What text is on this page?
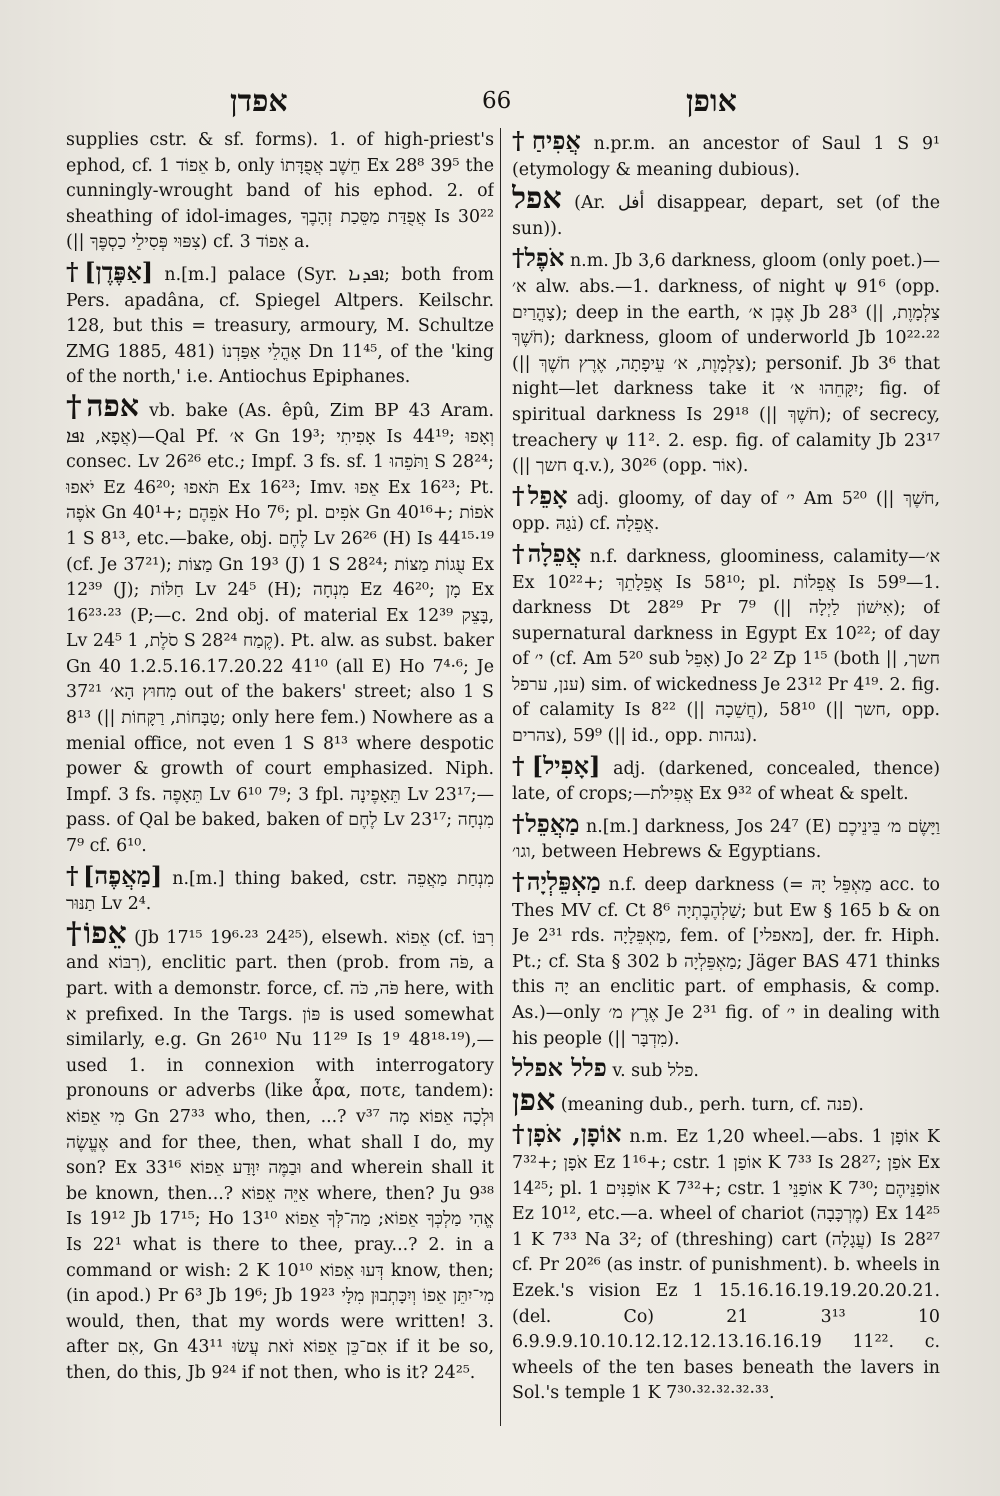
אפדן	66	אופן

supplies cstr. & sf. forms). 1. of high-priest's ephod, cf. אֵפוֹד 1 b, only חֵשֶׁב אֲפֻדָּתוֹ Ex 28⁸ 39⁵ the cunningly-wrought band of his ephod. 2. of sheathing of idol-images, אֲפֻדַּת מַסֵּכַת זְהָבֶךָ Is 30²² (|| צִפּוּי פְּסִילֵי כַסְפֶּךָ) cf. אֵפוֹד 3 a.

†[אַפֶּדֶן] n.[m.] palace (Syr. ܐܦܕܢܐ; both from Pers. apadâna, cf. Spiegel Altpers. Keilschr. 128, but this = treasury, armoury, M. Schultze ZMG 1885, 481) אָהֳלֵי אַפַּדְנוֹ Dn 11⁴⁵, of the 'king of the north,' i.e. Antiochus Epiphanes.

†אפה vb. bake (As. êpû, Zim BP 43 Aram. אֲפָא, ܐܦܐ)—Qal Pf. א׳ Gn 19³; אָפִיתִי Is 44¹⁹; וְאָפוּ consec. Lv 26²⁶ etc.; Impf. 3 fs. sf. וַתֹּפֵהוּ 1 S 28²⁴; יֹאפוּ Ez 46²⁰; תֹּאפוּ Ex 16²³; Imv. אֵפוּ Ex 16²³; Pt. אֹפֶה Gn 40¹+; אֹפֵהֶם Ho 7⁶; pl. אֹפִים Gn 40¹⁶+; אֹפוֹת 1 S 8¹³, etc.—bake, obj. לֶחֶם Lv 26²⁶ (H) Is 44¹⁵·¹⁹ (cf. Je 37²¹); מַצּוֹת Gn 19³ (J) 1 S 28²⁴; עֻגוֹת מַצּוֹת Ex 12³⁹ (J); חַלּוֹת Lv 24⁵ (H); מִנְחָה Ez 46²⁰; מָן Ex 16²³·²³ (P;—c. 2nd obj. of material Ex 12³⁹ בָּצֵק, Lv 24⁵ סֹלֶת, 1 S 28²⁴ קֶמַח). Pt. alw. as subst. baker Gn 40 1.2.5.16.17.20.22 41¹⁰ (all E) Ho 7⁴·⁶; Je 37²¹ מִחוּץ הָא׳ out of the bakers' street; also 1 S 8¹³ (|| טַבָּחוֹת, רַקָּחוֹת; only here fem.) Nowhere as a menial office, not even 1 S 8¹³ where despotic power & growth of court emphasized. Niph. Impf. 3 fs. תֵּאָפֶה Lv 6¹⁰ 7⁹; 3 fpl. תֵּאָפֶינָה Lv 23¹⁷;—pass. of Qal be baked, baken of לֶחֶם Lv 23¹⁷; מִנְחָה 7⁹ cf. 6¹⁰.

†[מַאֲפֶה] n.[m.] thing baked, cstr. מִנְחַת מַאֲפֵה תַנּוּר Lv 2⁴.

†אֵפוֹ (Jb 17¹⁵ 19⁶·²³ 24²⁵), elsewh. אֵפוֹא (cf. רִבּוֹ and רִבּוֹא), enclitic part. then (prob. from פֹּה, a part. with a demonstr. force, cf. פֹּה, כֹּה here, with א prefixed. In the Targs. פּוֹן is used somewhat similarly, e.g. Gn 26¹⁰ Nu 11²⁹ Is 1⁹ 48¹⁸·¹⁹),—used 1. in connexion with interrogatory pronouns or adverbs (like ἆρα, ποτε, tandem): מִי אֵפוֹא Gn 27³³ who, then, ...? v³⁷ וּלְכָה אֵפוֹא מָה אֶעֱשֶׂה and for thee, then, what shall I do, my son? Ex 33¹⁶ וּבַמֶּה יִוָּדַע אֵפוֹא and wherein shall it be known, then...? אַיֵּה אֵפוֹא where, then? Ju 9³⁸ Is 19¹² Jb 17¹⁵; Ho 13¹⁰ אֱהִי מַלְכְּךָ אֵפוֹא; מַה־לְּךָ אֵפוֹא Is 22¹ what is there to thee, pray...? 2. in a command or wish: 2 K 10¹⁰ דְּעוּ אֵפוֹא know, then; (in apod.) Pr 6³ Jb 19⁶; Jb 19²³ מִי־יִתֵּן אֵפוֹ וְיִכָּתְבוּן מִלָּי would, then, that my words were written! 3. after אִם, Gn 43¹¹ אִם־כֵּן אֵפוֹא זֹאת עֲשׂוּ if it be so, then, do this, Jb 9²⁴ if not then, who is it? 24²⁵.

†אֲפִיחַ n.pr.m. an ancestor of Saul 1 S 9¹ (etymology & meaning dubious).

אפל (Ar. أفل disappear, depart, set (of the sun)).

†אֹפֶל n.m. Jb 3,6 darkness, gloom (only poet.)—א׳ alw. abs.—1. darkness, of night ψ 91⁶ (opp. צָהֳרַיִם); deep in the earth, אֶבֶן א׳ Jb 28³ (|| צַלְמָוֶת, חֹשֶׁךְ); darkness, gloom of underworld Jb 10²²·²² (|| צַלְמָוֶת, א׳ עֵיפָתָה, אֶרֶץ חֹשֶׁךְ); personif. Jb 3⁶ that night—let darkness take it יִקָּחֵהוּ א׳; fig. of spiritual darkness Is 29¹⁸ (|| חֹשֶׁךְ); of secrecy, treachery ψ 11². 2. esp. fig. of calamity Jb 23¹⁷ (|| חשך q.v.), 30²⁶ (opp. אוֹר).

†אָפֵל adj. gloomy, of day of י׳ Am 5²⁰ (|| חֹשֶׁךְ, opp. נֹגַהּ) cf. אֲפֵלָה.

†אֲפֵלָה n.f. darkness, gloominess, calamity—א׳ Ex 10²²+; אֲפֵלָתֵךְ Is 58¹⁰; pl. אֲפֵלוֹת Is 59⁹—1. darkness Dt 28²⁹ Pr 7⁹ (|| אִישׁוֹן לַיְלָה); of supernatural darkness in Egypt Ex 10²²; of day of י׳ (cf. Am 5²⁰ sub אָפֵל) Jo 2² Zp 1¹⁵ (both || חשך, ענן, ערפל) sim. of wickedness Je 23¹² Pr 4¹⁹. 2. fig. of calamity Is 8²² (|| חֲשֵׁכָה), 58¹⁰ (|| חשך, opp. צהרים), 59⁹ (|| id., opp. נגהות).

†[אָפִיל] adj. (darkened, concealed, thence) late, of crops;—אֲפִילֹת Ex 9³² of wheat & spelt.

†מַאֲפֵל n.[m.] darkness, Jos 24⁷ (E) וַיָּשֶׂם מ׳ בֵּינֵיכֶם וגו׳, between Hebrews & Egyptians.

†מַאְפֵּלְיָה n.f. deep darkness (= מַאְפֵּל יָהּ acc. to Thes MV cf. Ct 8⁶ שַׁלְהֶבֶתְיָה; but Ew § 165 b & on Je 2³¹ rds. מַאְפֵּלָיָה, fem. of [מאפלי], der. fr. Hiph. Pt.; cf. Sta § 302 b מַאְפֵּלְיָה; Jäger BAS 471 thinks this יָה an enclitic part. of emphasis, & comp. As.)—only אֶרֶץ מ׳ Je 2³¹ fig. of י׳ in dealing with his people (|| מִדְבָּר).

פלל אפלל v. sub פלל.

אפן (meaning dub., perh. turn, cf. פנה).

†אוֹפָן, אֹפָן n.m. Ez 1,20 wheel.—abs. אוֹפָן 1 K 7³²+; אֹפָן Ez 1¹⁶+; cstr. אוֹפַן 1 K 7³³ Is 28²⁷; אֹפַן Ex 14²⁵; pl. אוֹפַנִּים 1 K 7³²+; cstr. אוֹפַנֵּי 1 K 7³⁰; אוֹפַנֵּיהֶם Ez 10¹², etc.—a. wheel of chariot (מֶרְכָּבָה) Ex 14²⁵ 1 K 7³³ Na 3²; of (threshing) cart (עֲגָלָה) Is 28²⁷ cf. Pr 20²⁶ (as instr. of punishment). b. wheels in Ezek.'s vision Ez 1 15.16.16.19.19.20.20.21.(del. Co) 21 3¹³ 10 6.9.9.9.10.10.12.12.12.13.16.16.19 11²². c. wheels of the ten bases beneath the lavers in Sol.'s temple 1 K 7³⁰·³²·³²·³²·³³.
